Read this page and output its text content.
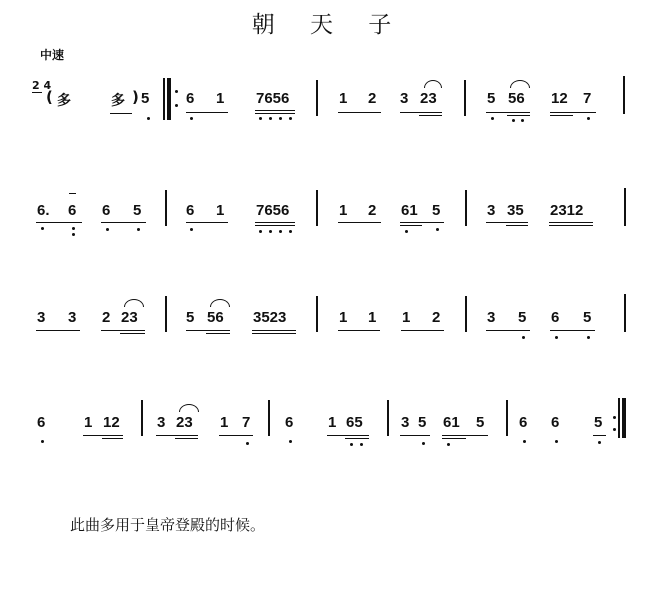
朝 天 子
中速
2 4
( 多	多 ) 5 6 1 7656	1 2 3 23	5 56 12 7
6. 6 6 5	6 1 7656	1 2 61 5	3 35 2312
3 3 2 23	5 56 3523	1 1 1 2	3 5 6 5
6	1 12 3 23 1 7 6 1 65	3 5 61 5 6 6 5
此曲多用于皇帝登殿的时候。
